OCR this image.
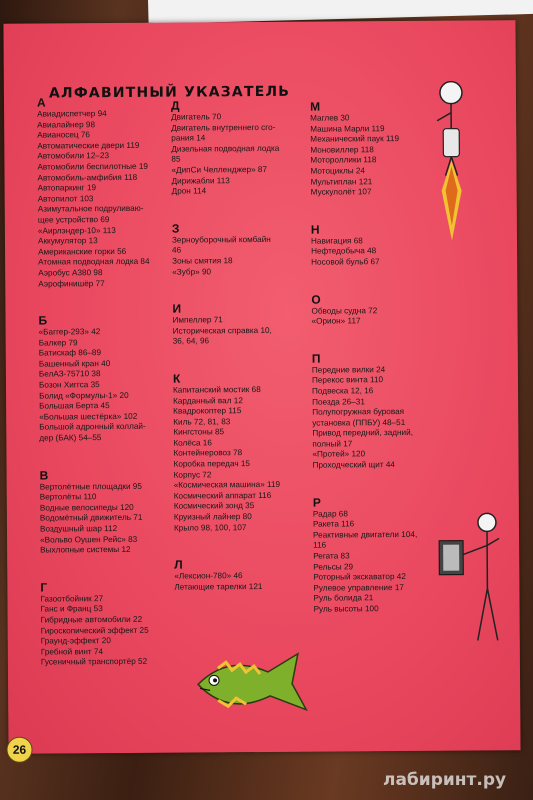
АЛФАВИТНЫЙ УКАЗАТЕЛЬ
А
Авиадиспетчер 94
Авиалайнер 98
Авианосец 76
Автоматические двери 119
Автомобили 12–23
Автомобили беспилотные 19
Автомобиль-амфибия 118
Автопаркинг 19
Автопилот 103
Азимутальное подруливаю-
щее устройство 69
«Аирлэндер-10» 113
Аккумулятор 13
Американские горки 56
Атомная подводная лодка 84
Аэробус А380 98
Аэрофинишёр 77
Б
«Баггер-293» 42
Балкер 79
Батискаф 86–89
Башенный кран 40
БелАЗ-75710 38
Бозон Хиггса 35
Болид «Формулы-1» 20
Большая Берта 45
«Большая шестёрка» 102
Большой адронный коллай-
дер (БАК) 54–55
В
Вертолётные площадки 95
Вертолёты 110
Водные велосипеды 120
Водомётный движитель 71
Воздушный шар 112
«Вольво Оушен Рейс» 83
Выхлопные системы 12
Г
Газоотбойник 27
Ганс и Франц 53
Гибридные автомобили 22
Гироскопический эффект 25
Граунд-эффект 20
Гребной винт 74
Гусеничный транспортёр 52
Д
Двигатель 70
Двигатель внутреннего сго-
рания 14
Дизельная подводная лодка
85
«ДипСи Челленджер» 87
Дирижабли 113
Дрон 114
З
Зерноуборочный комбайн
46
Зоны смятия 18
«Зубр» 90
И
Импеллер 71
Историческая справка 10,
36, 64, 96
К
Капитанский мостик 68
Карданный вал 12
Квадрокоптер 115
Киль 72, 81, 83
Кингстоны 85
Колёса 16
Контейнеровоз 78
Коробка передач 15
Корпус 72
«Космическая машина» 119
Космический аппарат 116
Космический зонд 35
Круизный лайнер 80
Крыло 98, 100, 107
Л
«Лексион-780» 46
Летающие тарелки 121
М
Маглев 30
Машина Марли 119
Механический паук 119
Моновиллер 118
Мотороллики 118
Мотоциклы 24
Мультиплан 121
Мускулолёт 107
Н
Навигация 68
Нефтедобыча 48
Носовой бульб 67
О
Обводы судна 72
«Орион» 117
П
Передние вилки 24
Перекос винта 110
Подвеска 12, 16
Поезда 26–31
Полупогружная буровая
установка (ППБУ) 48–51
Привод передний, задний,
полный 17
«Протей» 120
Проходческий щит 44
Р
Радар 68
Ракета 116
Реактивные двигатели 104,
116
Регата 83
Рельсы 29
Роторный экскаватор 42
Рулевое управление 17
Руль болида 21
Руль высоты 100
26
лабиринт.ру
